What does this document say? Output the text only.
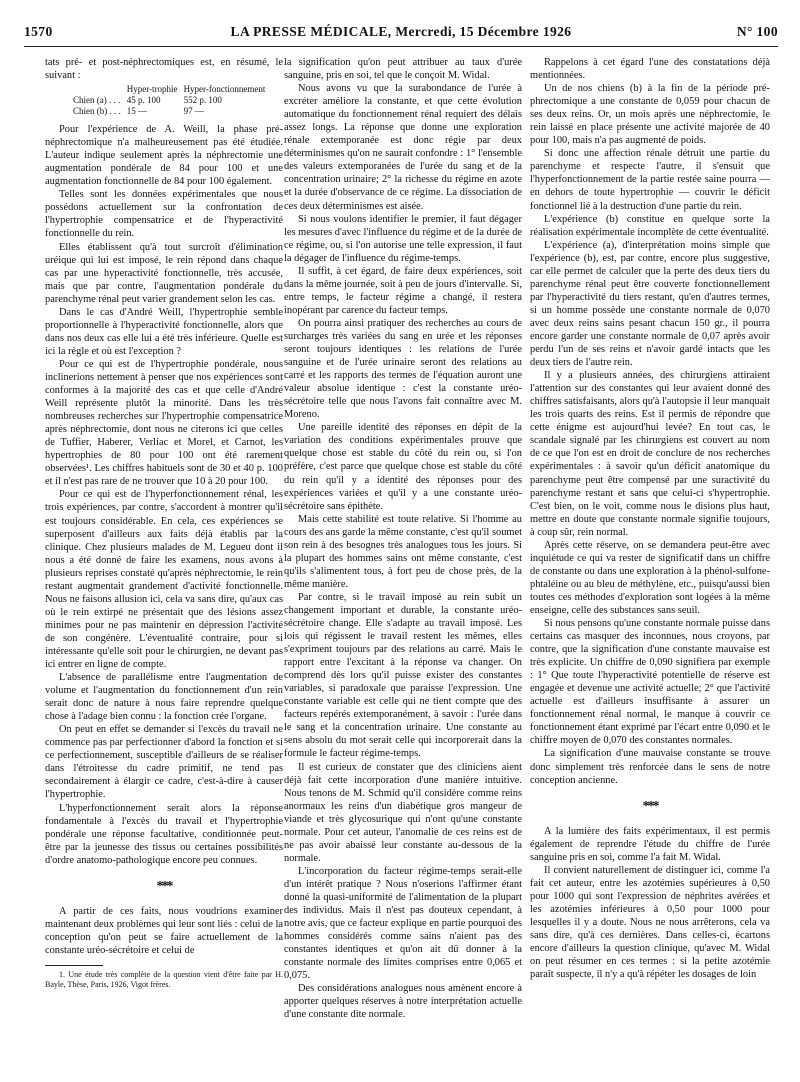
1570	LA PRESSE MÉDICALE, Mercredi, 15 Décembre 1926	N° 100

tats pré- et post-néphrectomiques est, en résumé, le suivant :

	Hyper-trophie	Hyper-fonctionnement
Chien (a) . . .	45 p. 100	552 p. 100
Chien (b) . . .	15 —	97 —

Pour l'expérience de A. Weill, la phase pré-néphrectomique n'a malheureusement pas été étudiée. L'auteur indique seulement après la néphrectomie une augmentation pondérale de 84 pour 100 et une augmentation fonctionnelle de 84 pour 100 également.

Telles sont les données expérimentales que nous possédons actuellement sur la confrontation de l'hypertrophie compensatrice et de l'hyperactivité fonctionnelle du rein.

Elles établissent qu'à tout surcroît d'élimination uréique qui lui est imposé, le rein répond dans chaque cas par une hyperactivité fonctionnelle, très accusée, mais que par contre, l'augmentation pondérale du parenchyme rénal peut varier grandement selon les cas.

Dans le cas d'André Weill, l'hypertrophie semble proportionnelle à l'hyperactivité fonctionnelle, alors que dans nos deux cas elle lui a été très inférieure. Quelle est ici la règle et où est l'exception ?

Pour ce qui est de l'hypertrophie pondérale, nous inclinerions nettement à penser que nos expériences sont conformes à la majorité des cas et que celle d'André Weill représente plutôt la minorité. Dans les très nombreuses recherches sur l'hypertrophie compensatrice après néphrectomie, dont nous ne citerons ici que celles de Tuffier, Haberer, Verliac et Morel, et Carnot, les hypertrophies de 80 pour 100 ont été rarement observées¹. Les chiffres habituels sont de 30 et 40 p. 100 et il n'est pas rare de ne trouver que 10 à 20 pour 100.

Pour ce qui est de l'hyperfonctionnement rénal, les trois expériences, par contre, s'accordent à montrer qu'il est toujours considérable. En cela, ces expériences se superposent d'ailleurs aux faits déjà établis par la clinique. Chez plusieurs malades de M. Legueu dont il nous a été donné de faire les examens, nous avons à plusieurs reprises constaté qu'après néphrectomie, le rein restant augmentait grandement d'activité fonctionnelle. Nous ne faisons allusion ici, cela va sans dire, qu'aux cas où le rein extirpé ne présentait que des lésions assez minimes pour ne pas maintenir en dépression l'activité de son congénère. L'éventualité contraire, pour si intéressante qu'elle soit pour le chirurgien, ne devant pas ici entrer en ligne de compte.

L'absence de parallélisme entre l'augmentation de volume et l'augmentation du fonctionnement d'un rein serait donc de nature à nous faire reprendre quelque chose à l'adage bien connu : la fonction crée l'organe.

On peut en effet se demander si l'excès du travail ne commence pas par perfectionner d'abord la fonction et si ce perfectionnement, susceptible d'ailleurs de se réaliser dans l'étroitesse du cadre primitif, ne tend pas secondairement à élargir ce cadre, c'est-à-dire à causer l'hypertrophie.

L'hyperfonctionnement serait alors la réponse fondamentale à l'excès du travail et l'hypertrophie pondérale une réponse facultative, conditionnée peut-être par la jeunesse des tissus ou certaines possibilités d'ordre anatomo-pathologique encore peu connues.

***

A partir de ces faits, nous voudrions examiner maintenant deux problèmes qui leur sont liés : celui de la conception qu'on peut se faire actuellement de la constante uréo-sécrétoire et celui de

1. Une étude très complète de la question vient d'être faite par H. Bayle, Thèse, Paris, 1926, Vigot frères.

la signification qu'on peut attribuer au taux d'urée sanguine, pris en soi, tel que le conçoit M. Widal.

Nous avons vu que la surabondance de l'urée à excréter améliore la constante, et que cette évolution automatique du fonctionnement rénal requiert des délais assez longs. La réponse que donne une exploration rénale extemporanée est donc régie par deux déterminismes qu'on ne saurait confondre : 1° l'ensemble des valeurs extemporanées de l'urée du sang et de la concentration urinaire; 2° la richesse du régime en azote et la durée d'observance de ce régime. La dissociation de ces deux déterminismes est aisée.

Si nous voulons identifier le premier, il faut dégager les mesures d'avec l'influence du régime et de la durée de ce régime, ou, si l'on autorise une telle expression, il faut la dégager de l'influence du régime-temps.

Il suffit, à cet égard, de faire deux expériences, soit dans la même journée, soit à peu de jours d'intervalle. Si, entre temps, le facteur régime a changé, il restera inopérant par carence du facteur temps.

On pourra ainsi pratiquer des recherches au cours de surcharges très variées du sang en urée et les réponses seront toujours identiques : les relations de l'urée sanguine et de l'urée urinaire seront des relations au carré et les rapports des termes de l'équation auront une valeur absolue identique : c'est la constante uréo-sécrétoire telle que nous l'avons fait connaître avec M. Moreno.

Une pareille identité des réponses en dépit de la variation des conditions expérimentales prouve que quelque chose est stable du côté du rein ou, si l'on préfère, c'est parce que quelque chose est stable du côté du rein qu'il y a identité des réponses pour des expériences variées et qu'il y a une constante uréo-sécrétoire sans épithète.

Mais cette stabilité est toute relative. Si l'homme au cours des ans garde la même constante, c'est qu'il soumet son rein à des besognes très analogues tous les jours. Si la plupart des hommes sains ont même constante, c'est qu'ils s'alimentent tous, à fort peu de chose près, de la même manière.

Par contre, si le travail imposé au rein subit un changement important et durable, la constante uréo-sécrétoire change. Elle s'adapte au travail imposé. Les lois qui régissent le travail restent les mêmes, elles s'expriment toujours par des relations au carré. Mais le rapport entre l'excitant à la réponse va changer. On comprend dès lors qu'il puisse exister des constantes variables, si paradoxale que paraisse l'expression. Une constante variable est celle qui ne tient compte que des facteurs repérés extemporanément, à savoir : l'urée dans le sang et la concentration urinaire. Une constante au sens absolu du mot serait celle qui incorporerait dans la formule le facteur régime-temps.

Il est curieux de constater que des cliniciens aient déjà fait cette incorporation d'une manière intuitive. Nous tenons de M. Schmid qu'il considère comme reins anormaux les reins d'un diabétique gros mangeur de viande et très glycosurique qui n'ont qu'une constante normale. Pour cet auteur, l'anomalie de ces reins est de ne pas avoir abaissé leur constante au-dessous de la normale.

L'incorporation du facteur régime-temps serait-elle d'un intérêt pratique ? Nous n'oserions l'affirmer étant donné la quasi-uniformité de l'alimentation de la plupart des individus. Mais il n'est pas douteux cependant, à notre avis, que ce facteur explique en partie pourquoi des hommes considérés comme sains n'aient pas des constantes identiques et qu'on ait dû donner à la constante normale des limites comprises entre 0,065 et 0,075.

Des considérations analogues nous amènent encore à apporter quelques réserves à notre interprétation actuelle d'une constante dite normale.

Rappelons à cet égard l'une des constatations déjà mentionnées.

Un de nos chiens (b) à la fin de la période pré-phrectomique a une constante de 0,059 pour chacun de ses deux reins. Or, un mois après une néphrectomie, le rein laissé en place présente une activité majorée de 40 pour 100, mais n'a pas augmenté de poids.

Si donc une affection rénale détruit une partie du parenchyme et respecte l'autre, il s'ensuit que l'hyperfonctionnement de la partie restée saine pourra — en dehors de toute hypertrophie — couvrir le déficit fonctionnel lié à la destruction d'une partie du rein.

L'expérience (b) constitue en quelque sorte la réalisation expérimentale incomplète de cette éventualité.

L'expérience (a), d'interprétation moins simple que l'expérience (b), est, par contre, encore plus suggestive, car elle permet de calculer que la perte des deux tiers du parenchyme rénal peut être couverte fonctionnellement par l'hyperactivité du tiers restant, qu'en d'autres termes, si un homme possède une constante normale de 0,070 avec deux reins sains pesant chacun 150 gr., il pourra encore garder une constante normale de 0,07 après avoir perdu l'un de ses reins et n'avoir gardé intacts que les deux tiers de l'autre rein.

Il y a plusieurs années, des chirurgiens attiraient l'attention sur des constantes qui leur avaient donné des chiffres satisfaisants, alors qu'à l'autopsie il leur manquait les trois quarts des reins. Est il permis de répondre que cette énigme est aujourd'hui levée? En tout cas, le scandale signalé par les chirurgiens est couvert au nom de ce que l'on est en droit de conclure de nos recherches expérimentales : à savoir qu'un déficit anatomique du parenchyme peut être compensé par une suractivité du parenchyme restant et sans que celui-ci s'hypertrophie. C'est bien, on le voit, comme nous le disions plus haut, mettre en doute que constante normale signifie toujours, à coup sûr, rein normal.

Après cette réserve, on se demandera peut-être avec inquiétude ce qui va rester de significatif dans un chiffre de constante ou dans une exploration à la phénol-sulfone-phtaléine ou au bleu de méthylène, etc., puisqu'aussi bien toutes ces méthodes d'exploration sont logées à la même enseigne, celle des substances sans seuil.

Si nous pensons qu'une constante normale puisse dans certains cas masquer des inconnues, nous croyons, par contre, que la signification d'une constante mauvaise est très explicite. Un chiffre de 0,090 signifiera par exemple : 1° Que toute l'hyperactivité potentielle de réserve est engagée et devenue une activité actuelle; 2° que l'activité actuelle est d'ailleurs insuffisante à assurer un fonctionnement rénal normal, le manque à couvrir ce fonctionnement étant exprimé par l'écart entre 0,090 et le chiffre moyen de 0,070 des constantes normales.

La signification d'une mauvaise constante se trouve donc simplement très renforcée dans le sens de notre conception ancienne.

***

A la lumière des faits expérimentaux, il est permis également de reprendre l'étude du chiffre de l'urée sanguine pris en soi, comme l'a fait M. Widal.

Il convient naturellement de distinguer ici, comme l'a fait cet auteur, entre les azotémies supérieures à 0,50 pour 1000 qui sont l'expression de néphrites avérées et les azotémies inférieures à 0,50 pour 1000 pour lesquelles il y a doute. Nous ne nous arrêterons, cela va sans dire, qu'à ces dernières. Dans celles-ci, écartons encore d'ailleurs la question clinique, qu'avec M. Widal on peut résumer en ces termes : si la petite azotémie paraît suspecte, il n'y a qu'à répéter les dosages de loin
